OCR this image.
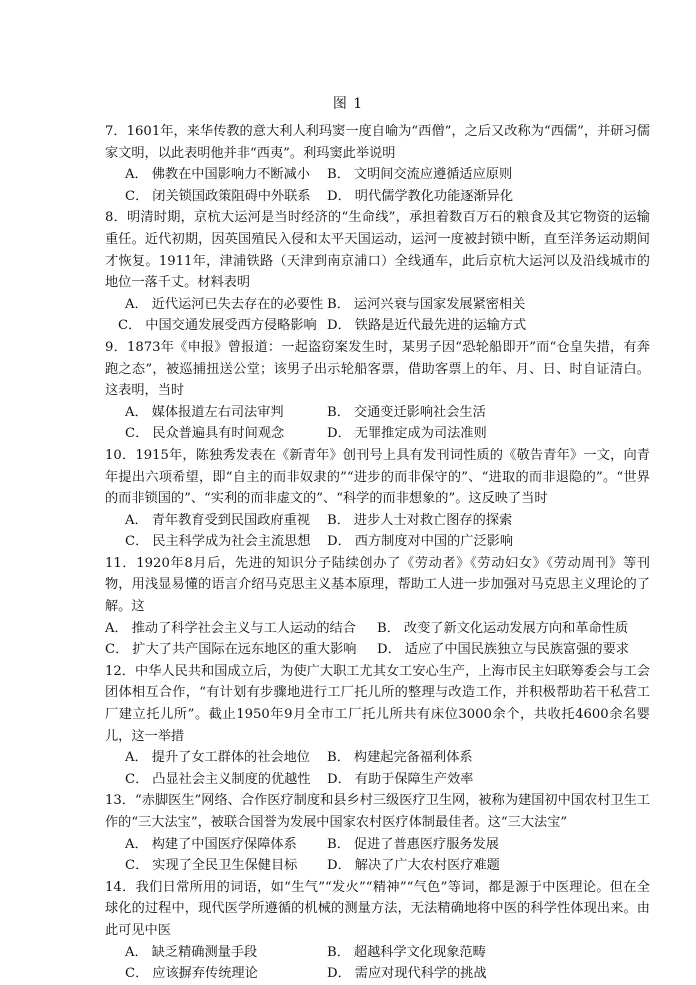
图 1

7．1601年，来华传教的意大利人利玛窦一度自喻为“西僧”，之后又改称为“西儒”，并研习儒家文明，以此表明他并非“西夷”。利玛窦此举说明

A． 佛教在中国影响力不断减小 B． 文明间交流应遵循适应原则
C． 闭关锁国政策阻碍中外联系 D． 明代儒学教化功能逐渐异化

8．明清时期，京杭大运河是当时经济的“生命线”，承担着数百万石的粮食及其它物资的运输重任。近代初期，因英国殖民入侵和太平天国运动，运河一度被封锁中断，直至洋务运动期间才恢复。1911年，津浦铁路（天津到南京浦口）全线通车，此后京杭大运河以及沿线城市的地位一落千丈。材料表明

A． 近代运河已失去存在的必要性 B． 运河兴衰与国家发展紧密相关
C． 中国交通发展受西方侵略影响 D． 铁路是近代最先进的运输方式

9．1873年《申报》曾报道：一起盗窃案发生时，某男子因“恐轮船即开”而“仓皇失措，有奔跑之态”，被巡捕扭送公堂；该男子出示轮船客票，借助客票上的年、月、日、时自证清白。这表明，当时

A． 媒体报道左右司法审判	B． 交通变迁影响社会生活
C． 民众普遍具有时间观念	D． 无罪推定成为司法准则

10．1915年，陈独秀发表在《新青年》创刊号上具有发刊词性质的《敬告青年》一文，向青年提出六项希望，即“自主的而非奴隶的”“进步的而非保守的”、“进取的而非退隐的”。“世界的而非锁国的”、“实利的而非虚文的”、“科学的而非想象的”。这反映了当时

A． 青年教育受到民国政府重视 B． 进步人士对救亡图存的探索
C． 民主科学成为社会主流思想 D． 西方制度对中国的广泛影响

11．1920年8月后，先进的知识分子陆续创办了《劳动者》《劳动妇女》《劳动周刊》等刊物，用浅显易懂的语言介绍马克思主义基本原理，帮助工人进一步加强对马克思主义理论的了解。这

A． 推动了科学社会主义与工人运动的结合 B． 改变了新文化运动发展方向和革命性质
C． 扩大了共产国际在远东地区的重大影响 D． 适应了中国民族独立与民族富强的要求

12．中华人民共和国成立后，为使广大职工尤其女工安心生产，上海市民主妇联筹委会与工会团体相互合作，“有计划有步骤地进行工厂托儿所的整理与改造工作，并积极帮助若干私营工厂建立托儿所”。截止1950年9月全市工厂托儿所共有床位3000余个，共收托4600余名婴儿，这一举措

A． 提升了女工群体的社会地位 B． 构建起完备福利体系
C． 凸显社会主义制度的优越性 D． 有助于保障生产效率

13．“赤脚医生”网络、合作医疗制度和县乡村三级医疗卫生网，被称为建国初中国农村卫生工作的“三大法宝”，被联合国誉为发展中国家农村医疗体制最佳者。这“三大法宝”

A． 构建了中国医疗保障体系 B． 促进了普惠医疗服务发展
C． 实现了全民卫生保健目标 D． 解决了广大农村医疗难题

14．我们日常所用的词语，如“生气”“发火”“精神”“气色”等词，都是源于中医理论。但在全球化的过程中，现代医学所遵循的机械的测量方法，无法精确地将中医的科学性体现出来。由此可见中医

A． 缺乏精确测量手段	B． 超越科学文化现象范畴
C． 应该摒弃传统理论	D． 需应对现代科学的挑战
